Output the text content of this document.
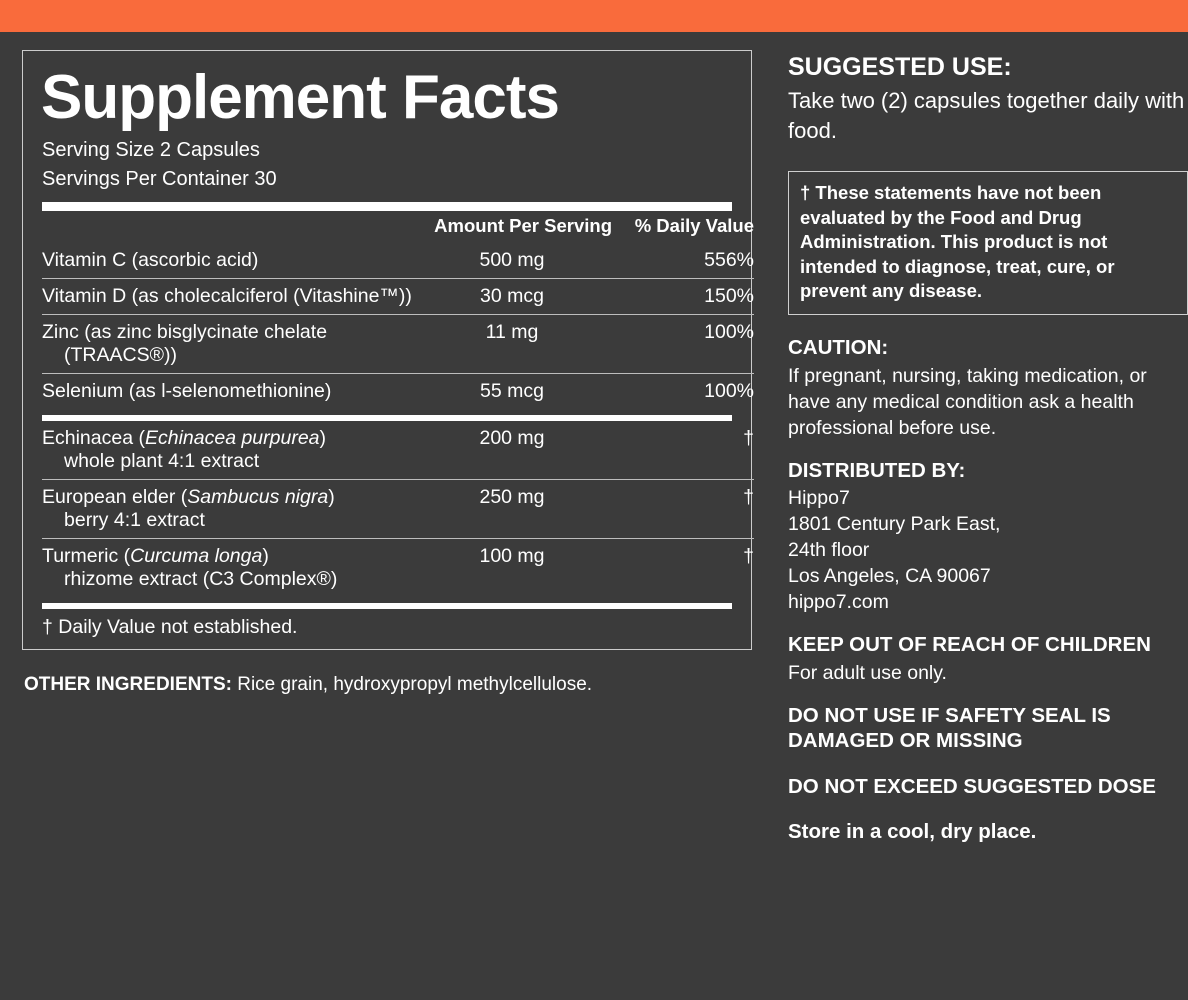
Supplement Facts
Serving Size 2 Capsules
Servings Per Container 30
	Amount Per Serving	% Daily Value
Vitamin C (ascorbic acid)	500 mg	556%
Vitamin D (as cholecalciferol (Vitashine™))	30 mcg	150%
Zinc (as zinc bisglycinate chelate
(TRAACS®))	11 mg	100%
Selenium (as l-selenomethionine)	55 mcg	100%
Echinacea (Echinacea purpurea)
whole plant 4:1 extract	200 mg	†
European elder (Sambucus nigra)
berry 4:1 extract	250 mg	†
Turmeric (Curcuma longa)
rhizome extract (C3 Complex®)	100 mg	†
† Daily Value not established.
OTHER INGREDIENTS: Rice grain, hydroxypropyl methylcellulose.
SUGGESTED USE:
Take two (2) capsules together daily with food.
† These statements have not been evaluated by the Food and Drug Administration. This product is not intended to diagnose, treat, cure, or prevent any disease.
CAUTION:
If pregnant, nursing, taking medication, or have any medical condition ask a health professional before use.
DISTRIBUTED BY:
Hippo7
1801 Century Park East,
24th floor
Los Angeles, CA 90067
hippo7.com
KEEP OUT OF REACH OF CHILDREN
For adult use only.
DO NOT USE IF SAFETY SEAL IS DAMAGED OR MISSING
DO NOT EXCEED SUGGESTED DOSE
Store in a cool, dry place.
